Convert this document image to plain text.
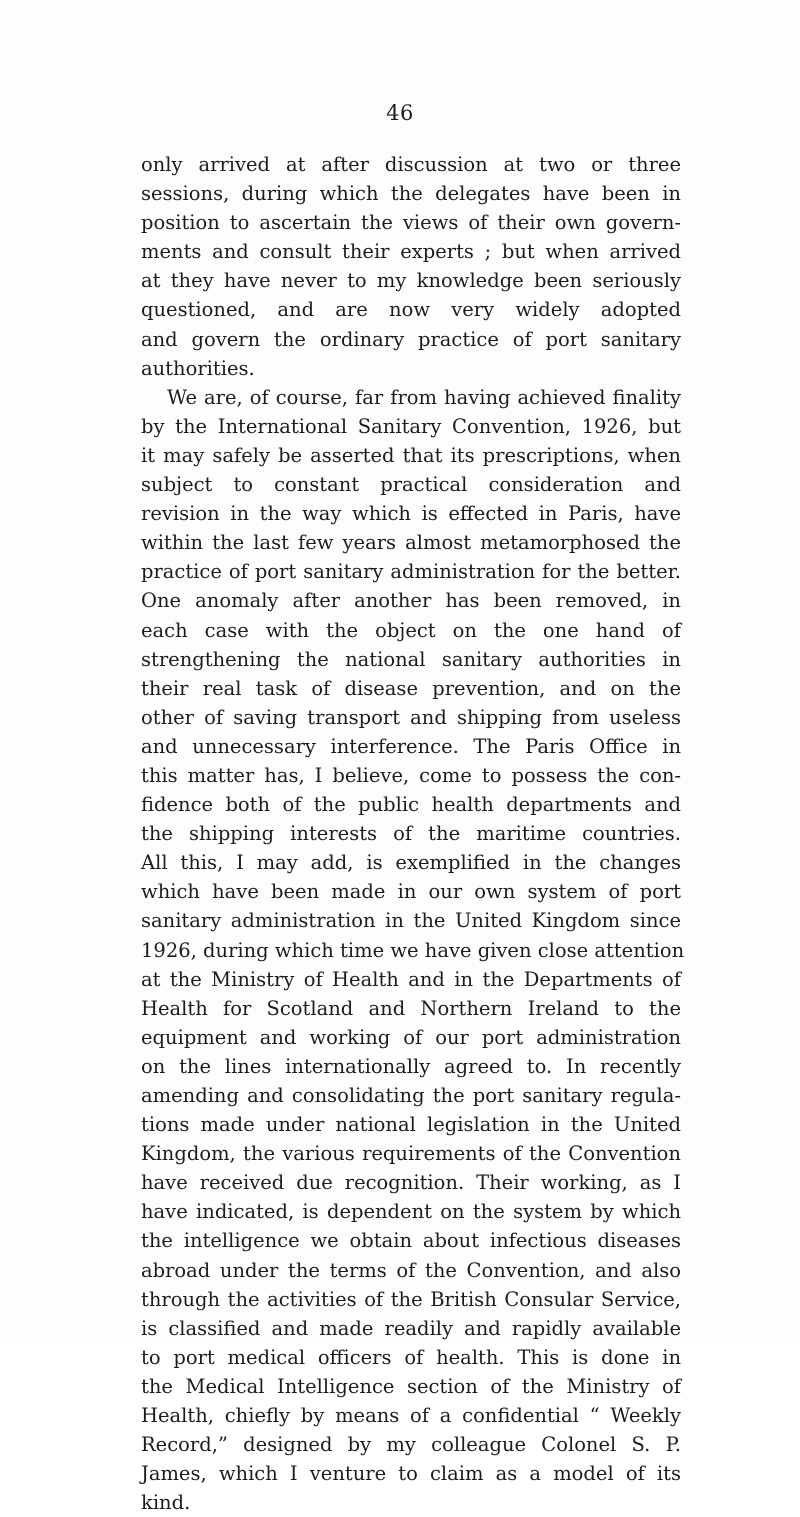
46
only arrived at after discussion at two or three
sessions, during which the delegates have been in
position to ascertain the views of their own govern-
ments and consult their experts ; but when arrived
at they have never to my knowledge been seriously
questioned, and are now very widely adopted
and govern the ordinary practice of port sanitary
authorities.
We are, of course, far from having achieved finality
by the International Sanitary Convention, 1926, but
it may safely be asserted that its prescriptions, when
subject to constant practical consideration and
revision in the way which is effected in Paris, have
within the last few years almost metamorphosed the
practice of port sanitary administration for the better.
One anomaly after another has been removed, in
each case with the object on the one hand of
strengthening the national sanitary authorities in
their real task of disease prevention, and on the
other of saving transport and shipping from useless
and unnecessary interference. The Paris Office in
this matter has, I believe, come to possess the con-
fidence both of the public health departments and
the shipping interests of the maritime countries.
All this, I may add, is exemplified in the changes
which have been made in our own system of port
sanitary administration in the United Kingdom since
1926, during which time we have given close attention
at the Ministry of Health and in the Departments of
Health for Scotland and Northern Ireland to the
equipment and working of our port administration
on the lines internationally agreed to. In recently
amending and consolidating the port sanitary regula-
tions made under national legislation in the United
Kingdom, the various requirements of the Convention
have received due recognition. Their working, as I
have indicated, is dependent on the system by which
the intelligence we obtain about infectious diseases
abroad under the terms of the Convention, and also
through the activities of the British Consular Service,
is classified and made readily and rapidly available
to port medical officers of health. This is done in
the Medical Intelligence section of the Ministry of
Health, chiefly by means of a confidential “ Weekly
Record,” designed by my colleague Colonel S. P.
James, which I venture to claim as a model of its
kind.
